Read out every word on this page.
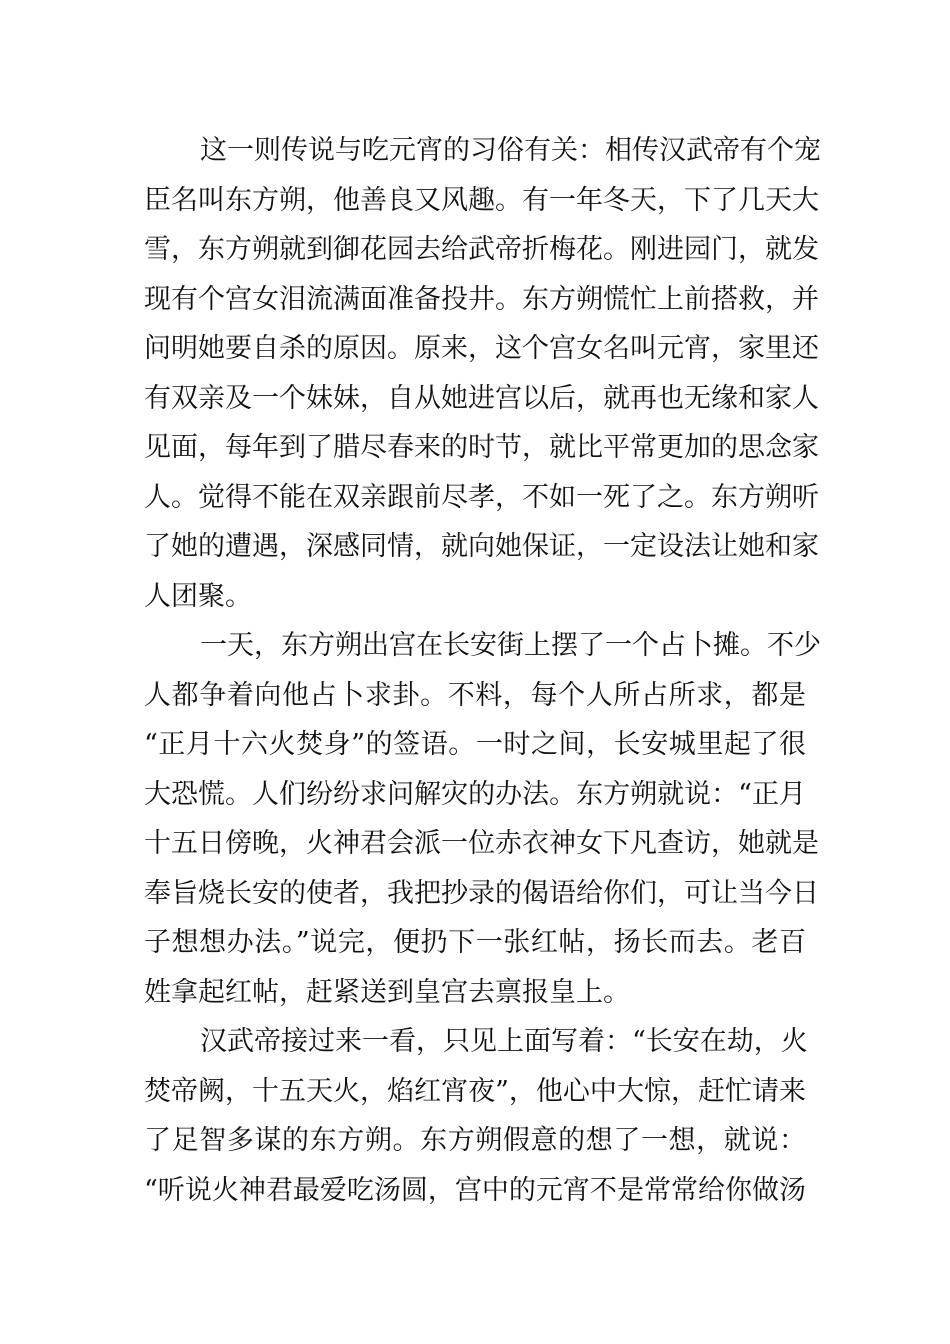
这一则传说与吃元宵的习俗有关：相传汉武帝有个宠
臣名叫东方朔，他善良又风趣。有一年冬天，下了几天大
雪，东方朔就到御花园去给武帝折梅花。刚进园门，就发
现有个宫女泪流满面准备投井。东方朔慌忙上前搭救，并
问明她要自杀的原因。原来，这个宫女名叫元宵，家里还
有双亲及一个妹妹，自从她进宫以后，就再也无缘和家人
见面，每年到了腊尽春来的时节，就比平常更加的思念家
人。觉得不能在双亲跟前尽孝，不如一死了之。东方朔听
了她的遭遇，深感同情，就向她保证，一定设法让她和家
人团聚。
一天，东方朔出宫在长安街上摆了一个占卜摊。不少
人都争着向他占卜求卦。不料，每个人所占所求，都是
“正月十六火焚身”的签语。一时之间，长安城里起了很
大恐慌。人们纷纷求问解灾的办法。东方朔就说：“正月
十五日傍晚，火神君会派一位赤衣神女下凡查访，她就是
奉旨烧长安的使者，我把抄录的偈语给你们，可让当今日
子想想办法。”说完，便扔下一张红帖，扬长而去。老百
姓拿起红帖，赶紧送到皇宫去禀报皇上。
汉武帝接过来一看，只见上面写着：“长安在劫，火
焚帝阙，十五天火，焰红宵夜”，他心中大惊，赶忙请来
了足智多谋的东方朔。东方朔假意的想了一想，就说：
“听说火神君最爱吃汤圆，宫中的元宵不是常常给你做汤
